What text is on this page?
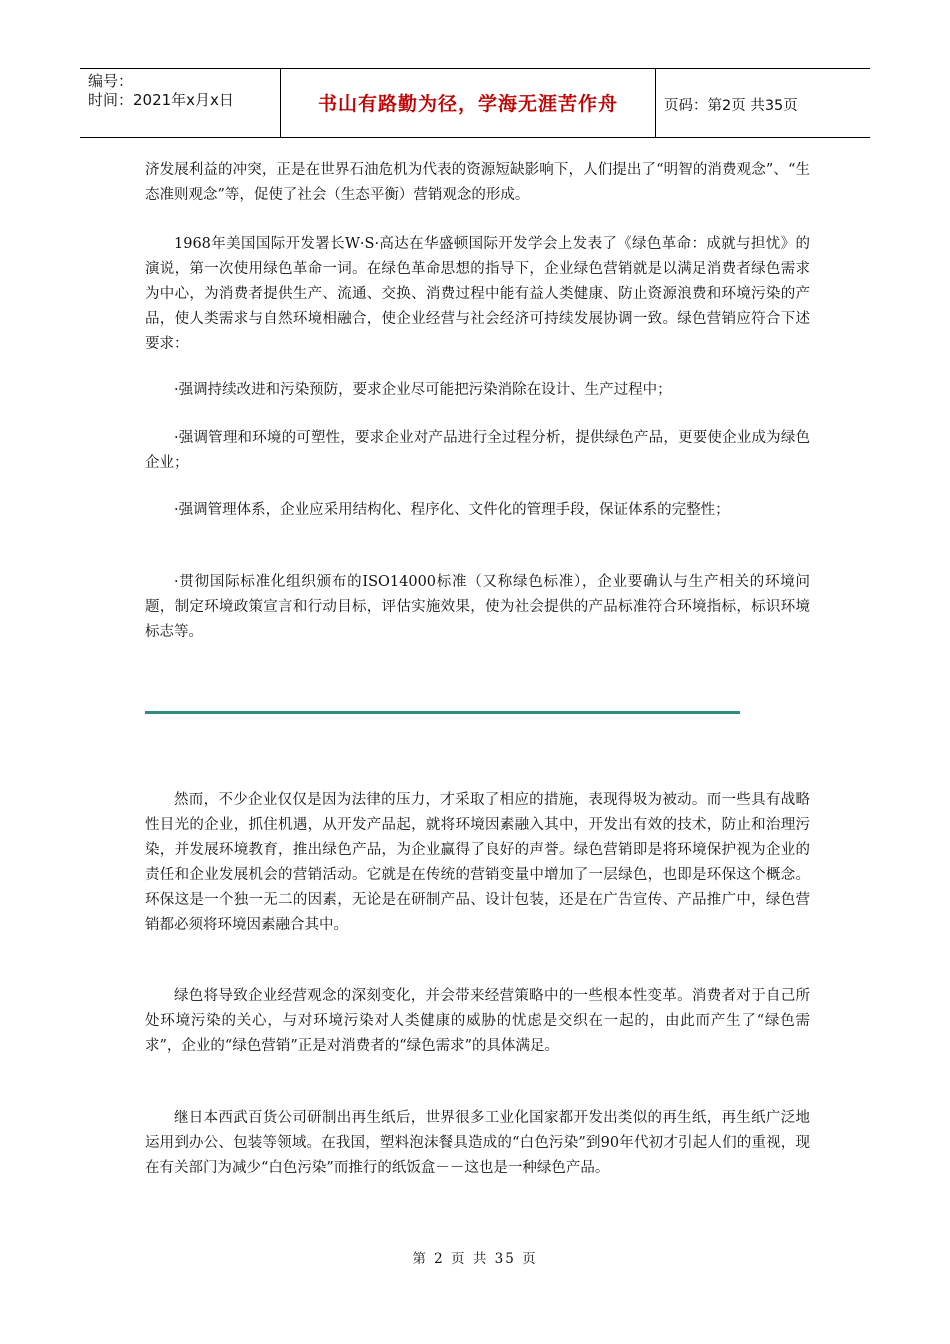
编号：
时间：2021年x月x日	书山有路勤为径，学海无涯苦作舟	页码：第2页 共35页

济发展利益的冲突，正是在世界石油危机为代表的资源短缺影响下，人们提出了“明智的消费观念”、“生态准则观念”等，促使了社会（生态平衡）营销观念的形成。

1968年美国国际开发署长W·S·高达在华盛顿国际开发学会上发表了《绿色革命：成就与担忧》的演说，第一次使用绿色革命一词。在绿色革命思想的指导下，企业绿色营销就是以满足消费者绿色需求为中心，为消费者提供生产、流通、交换、消费过程中能有益人类健康、防止资源浪费和环境污染的产品，使人类需求与自然环境相融合，使企业经营与社会经济可持续发展协调一致。绿色营销应符合下述要求：

·强调持续改进和污染预防，要求企业尽可能把污染消除在设计、生产过程中；

·强调管理和环境的可塑性，要求企业对产品进行全过程分析，提供绿色产品，更要使企业成为绿色企业；

·强调管理体系，企业应采用结构化、程序化、文件化的管理手段，保证体系的完整性；

·贯彻国际标准化组织颁布的ISO14000标准（又称绿色标准），企业要确认与生产相关的环境问题，制定环境政策宣言和行动目标，评估实施效果，使为社会提供的产品标准符合环境指标，标识环境标志等。

然而，不少企业仅仅是因为法律的压力，才采取了相应的措施，表现得圾为被动。而一些具有战略性目光的企业，抓住机遇，从开发产品起，就将环境因素融入其中，开发出有效的技术，防止和治理污染，并发展环境教育，推出绿色产品，为企业赢得了良好的声誉。绿色营销即是将环境保护视为企业的责任和企业发展机会的营销活动。它就是在传统的营销变量中增加了一层绿色，也即是环保这个概念。环保这是一个独一无二的因素，无论是在研制产品、设计包装，还是在广告宣传、产品推广中，绿色营销都必须将环境因素融合其中。

绿色将导致企业经营观念的深刻变化，并会带来经营策略中的一些根本性变革。消费者对于自己所处环境污染的关心，与对环境污染对人类健康的威胁的忧虑是交织在一起的，由此而产生了“绿色需求”，企业的“绿色营销”正是对消费者的“绿色需求”的具体满足。

继日本西武百货公司研制出再生纸后，世界很多工业化国家都开发出类似的再生纸，再生纸广泛地运用到办公、包装等领域。在我国，塑料泡沫餐具造成的“白色污染”到90年代初才引起人们的重视，现在有关部门为减少“白色污染”而推行的纸饭盒－－这也是一种绿色产品。

第 2 页 共 35 页
